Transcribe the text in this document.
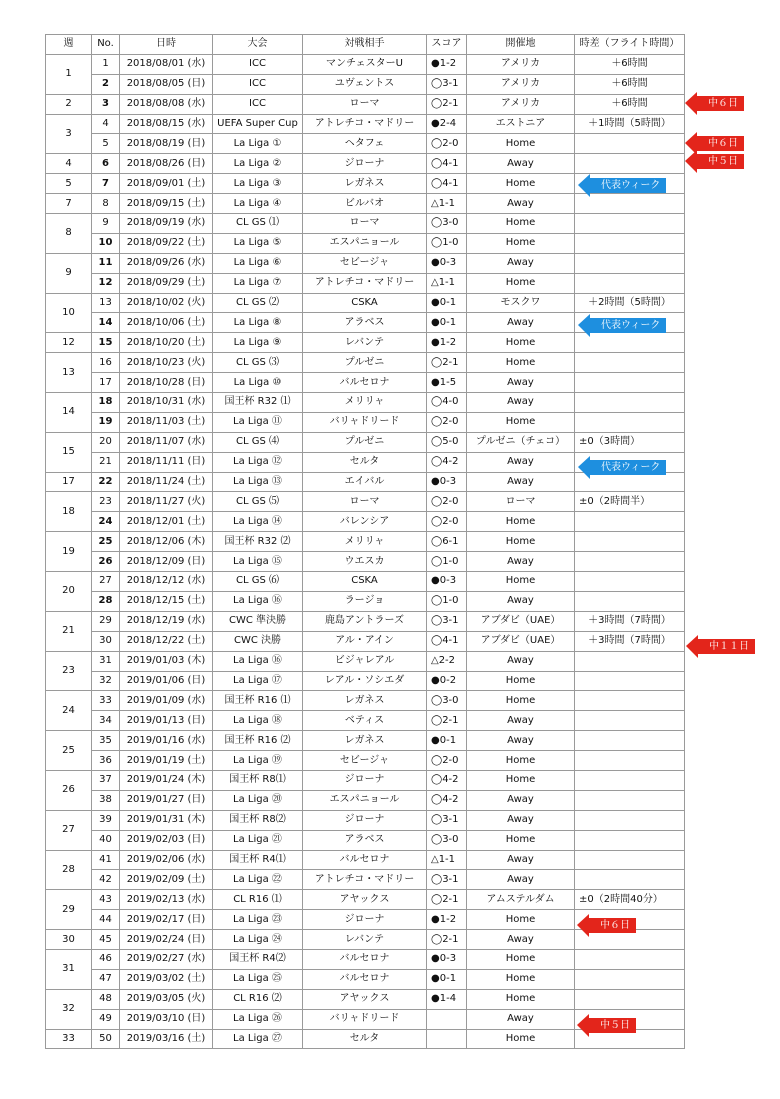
週	No.	日時	大会	対戦相手	スコア	開催地	時差（フライト時間）
1	1	2018/08/01 (水)	ICC	マンチェスターU	●1-2	アメリカ	＋6時間
	2	2018/08/05 (日)	ICC	ユヴェントス	◯3-1	アメリカ	＋6時間
2	3	2018/08/08 (水)	ICC	ローマ	◯2-1	アメリカ	＋6時間
3	4	2018/08/15 (水)	UEFA Super Cup	アトレチコ・マドリー	●2-4	エストニア	＋1時間（5時間）
	5	2018/08/19 (日)	La Liga ①	ヘタフェ	◯2-0	Home	
4	6	2018/08/26 (日)	La Liga ②	ジローナ	◯4-1	Away	
5	7	2018/09/01 (土)	La Liga ③	レガネス	◯4-1	Home	
7	8	2018/09/15 (土)	La Liga ④	ビルバオ	△1-1	Away	
8	9	2018/09/19 (水)	CL GS ⑴	ローマ	◯3-0	Home	
	10	2018/09/22 (土)	La Liga ⑤	エスパニョール	◯1-0	Home	
9	11	2018/09/26 (水)	La Liga ⑥	セビージャ	●0-3	Away	
	12	2018/09/29 (土)	La Liga ⑦	アトレチコ・マドリー	△1-1	Home	
10	13	2018/10/02 (火)	CL GS ⑵	CSKA	●0-1	モスクワ	＋2時間（5時間）
	14	2018/10/06 (土)	La Liga ⑧	アラベス	●0-1	Away	
12	15	2018/10/20 (土)	La Liga ⑨	レバンテ	●1-2	Home	
13	16	2018/10/23 (火)	CL GS ⑶	プルゼニ	◯2-1	Home	
	17	2018/10/28 (日)	La Liga ⑩	バルセロナ	●1-5	Away	
14	18	2018/10/31 (水)	国王杯 R32 ⑴	メリリャ	◯4-0	Away	
	19	2018/11/03 (土)	La Liga ⑪	バリャドリード	◯2-0	Home	
15	20	2018/11/07 (水)	CL GS ⑷	プルゼニ	◯5-0	プルゼニ（チェコ）	±0（3時間）
	21	2018/11/11 (日)	La Liga ⑫	セルタ	◯4-2	Away	
17	22	2018/11/24 (土)	La Liga ⑬	エイバル	●0-3	Away	
18	23	2018/11/27 (火)	CL GS ⑸	ローマ	◯2-0	ローマ	±0（2時間半）
	24	2018/12/01 (土)	La Liga ⑭	バレンシア	◯2-0	Home	
19	25	2018/12/06 (木)	国王杯 R32 ⑵	メリリャ	◯6-1	Home	
	26	2018/12/09 (日)	La Liga ⑮	ウエスカ	◯1-0	Away	
20	27	2018/12/12 (水)	CL GS ⑹	CSKA	●0-3	Home	
	28	2018/12/15 (土)	La Liga ⑯	ラージョ	◯1-0	Away	
21	29	2018/12/19 (水)	CWC 準決勝	鹿島アントラーズ	◯3-1	アブダビ（UAE）	＋3時間（7時間）
	30	2018/12/22 (土)	CWC 決勝	アル・アイン	◯4-1	アブダビ（UAE）	＋3時間（7時間）
23	31	2019/01/03 (木)	La Liga ⑯	ビジャレアル	△2-2	Away	
	32	2019/01/06 (日)	La Liga ⑰	レアル・ソシエダ	●0-2	Home	
24	33	2019/01/09 (水)	国王杯 R16 ⑴	レガネス	◯3-0	Home	
	34	2019/01/13 (日)	La Liga ⑱	ベティス	◯2-1	Away	
25	35	2019/01/16 (水)	国王杯 R16 ⑵	レガネス	●0-1	Away	
	36	2019/01/19 (土)	La Liga ⑲	セビージャ	◯2-0	Home	
26	37	2019/01/24 (木)	国王杯 R8⑴	ジローナ	◯4-2	Home	
	38	2019/01/27 (日)	La Liga ⑳	エスパニョール	◯4-2	Away	
27	39	2019/01/31 (木)	国王杯 R8⑵	ジローナ	◯3-1	Away	
	40	2019/02/03 (日)	La Liga ㉑	アラベス	◯3-0	Home	
28	41	2019/02/06 (水)	国王杯 R4⑴	バルセロナ	△1-1	Away	
	42	2019/02/09 (土)	La Liga ㉒	アトレチコ・マドリー	◯3-1	Away	
29	43	2019/02/13 (水)	CL R16 ⑴	アヤックス	◯2-1	アムステルダム	±0（2時間40分）
	44	2019/02/17 (日)	La Liga ㉓	ジローナ	●1-2	Home	
30	45	2019/02/24 (日)	La Liga ㉔	レバンテ	◯2-1	Away	
31	46	2019/02/27 (水)	国王杯 R4⑵	バルセロナ	●0-3	Home	
	47	2019/03/02 (土)	La Liga ㉕	バルセロナ	●0-1	Home	
32	48	2019/03/05 (火)	CL R16 ⑵	アヤックス	●1-4	Home	
	49	2019/03/10 (日)	La Liga ㉖	バリャドリード		Away	
33	50	2019/03/16 (土)	La Liga ㉗	セルタ		Home	
中６日
中６日
中５日
代表ウィーク
代表ウィーク
代表ウィーク
中１１日
中６日
中５日
